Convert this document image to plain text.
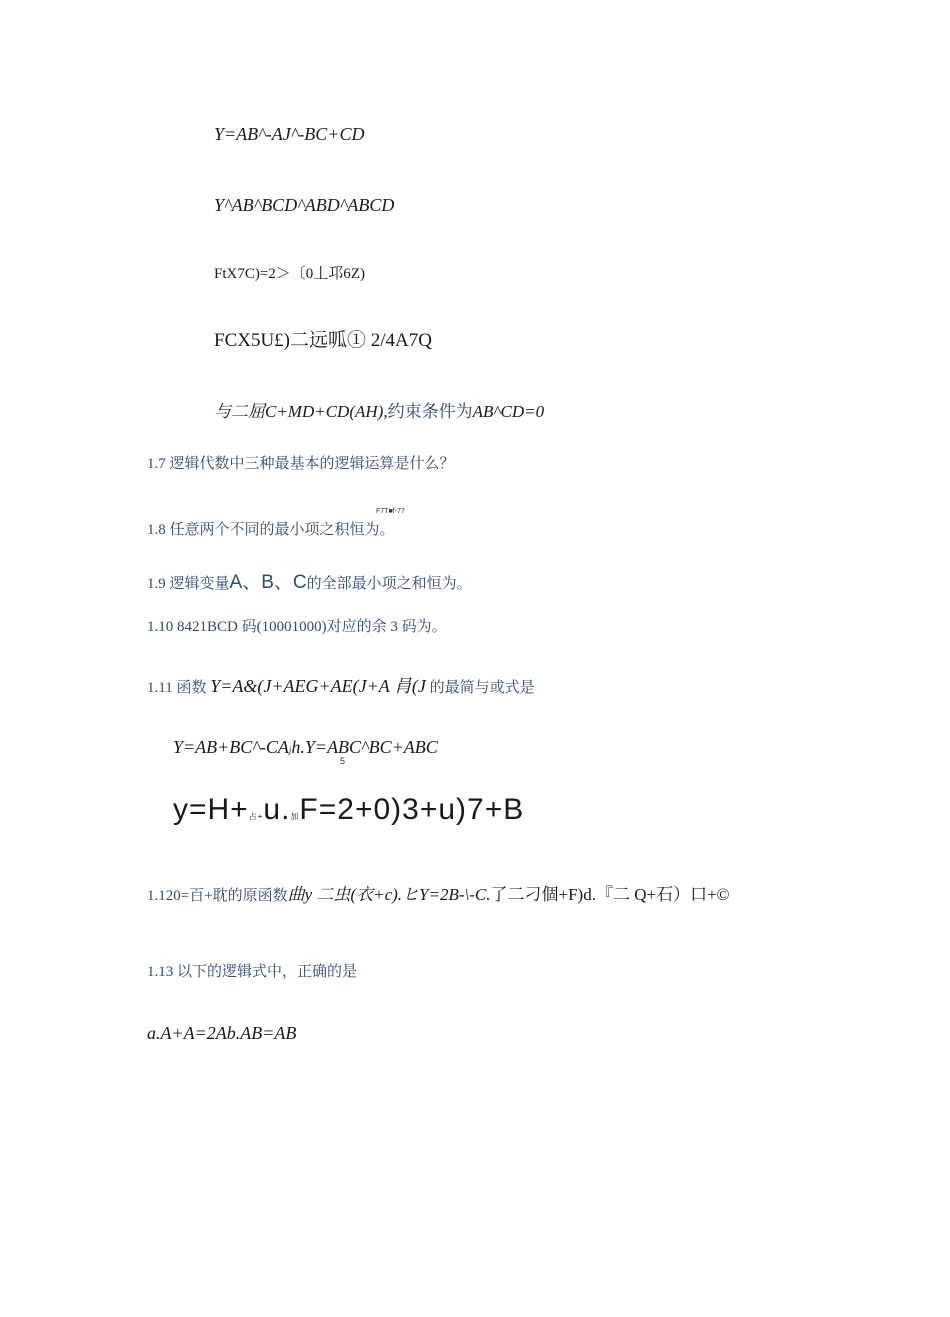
Y=AB^-AJ^-BC+CD
Y^AB^BCD^ABD^ABCD
FtX7C)=2＞〔0丄邛6Z)
FCX5U£)二远呱① 2/4A7Q
与二屈C+MD+CD(AH),约束条件为AB^CD=0
1.7 逻辑代数中三种最基本的逻辑运算是什么？
F7T■f-7?
1.8 任意两个不同的最小项之积恒为。
1.9 逻辑变量A、B、C的全部最小项之和恒为。
1.10 8421BCD 码(10001000)对应的余 3 码为。
1.11 函数 Y=A&(J+AEG+AE(J+A 肙(J 的最简与或式是
Y=AB+BC^-CAjh.Y=ABC^BC+ABC
5
y=H+占+u.加F=2+0)3+u)7+B
1.120=百+耽的原函数曲y 二虫(衣+c).ヒY=2B-\-C.了二刁個+F)d.『二 Q+石）口+©
1.13 以下的逻辑式中，正确的是
a.A+A=2Ab.AB=AB
